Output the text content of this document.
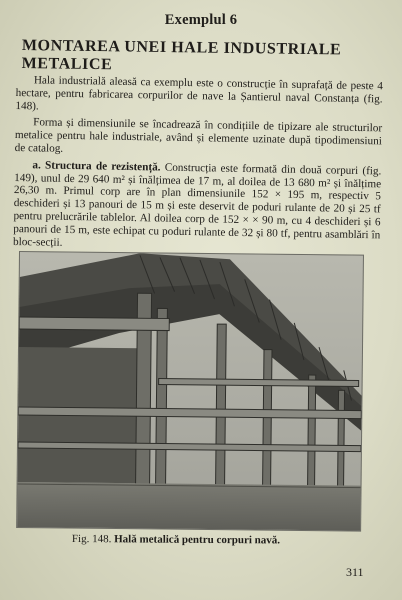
Exemplul 6
MONTAREA UNEI HALE INDUSTRIALE METALICE

Hala industrială aleasă ca exemplu este o construcție în suprafață de peste 4 hectare, pentru fabricarea corpurilor de nave la Șantierul naval Constanța (fig. 148).

Forma și dimensiunile se încadrează în condițiile de tipizare ale structurilor metalice pentru hale industriale, având și elemente uzinate după tipodimensiuni de catalog.

a. Structura de rezistență. Construcția este formată din două corpuri (fig. 149), unul de 29 640 m² și înălțimea de 17 m, al doilea de 13 680 m² și înălțime 26,30 m. Primul corp are în plan dimensiunile 152 × 195 m, respectiv 5 deschideri și 13 panouri de 15 m și este deservit de poduri rulante de 20 și 25 tf pentru prelucrările tablelor. Al doilea corp de 152 × × 90 m, cu 4 deschideri și 6 panouri de 15 m, este echipat cu poduri rulante de 32 și 80 tf, pentru asamblări în bloc-secții.

Fig. 148. Hală metalică pentru corpuri navă.
311
